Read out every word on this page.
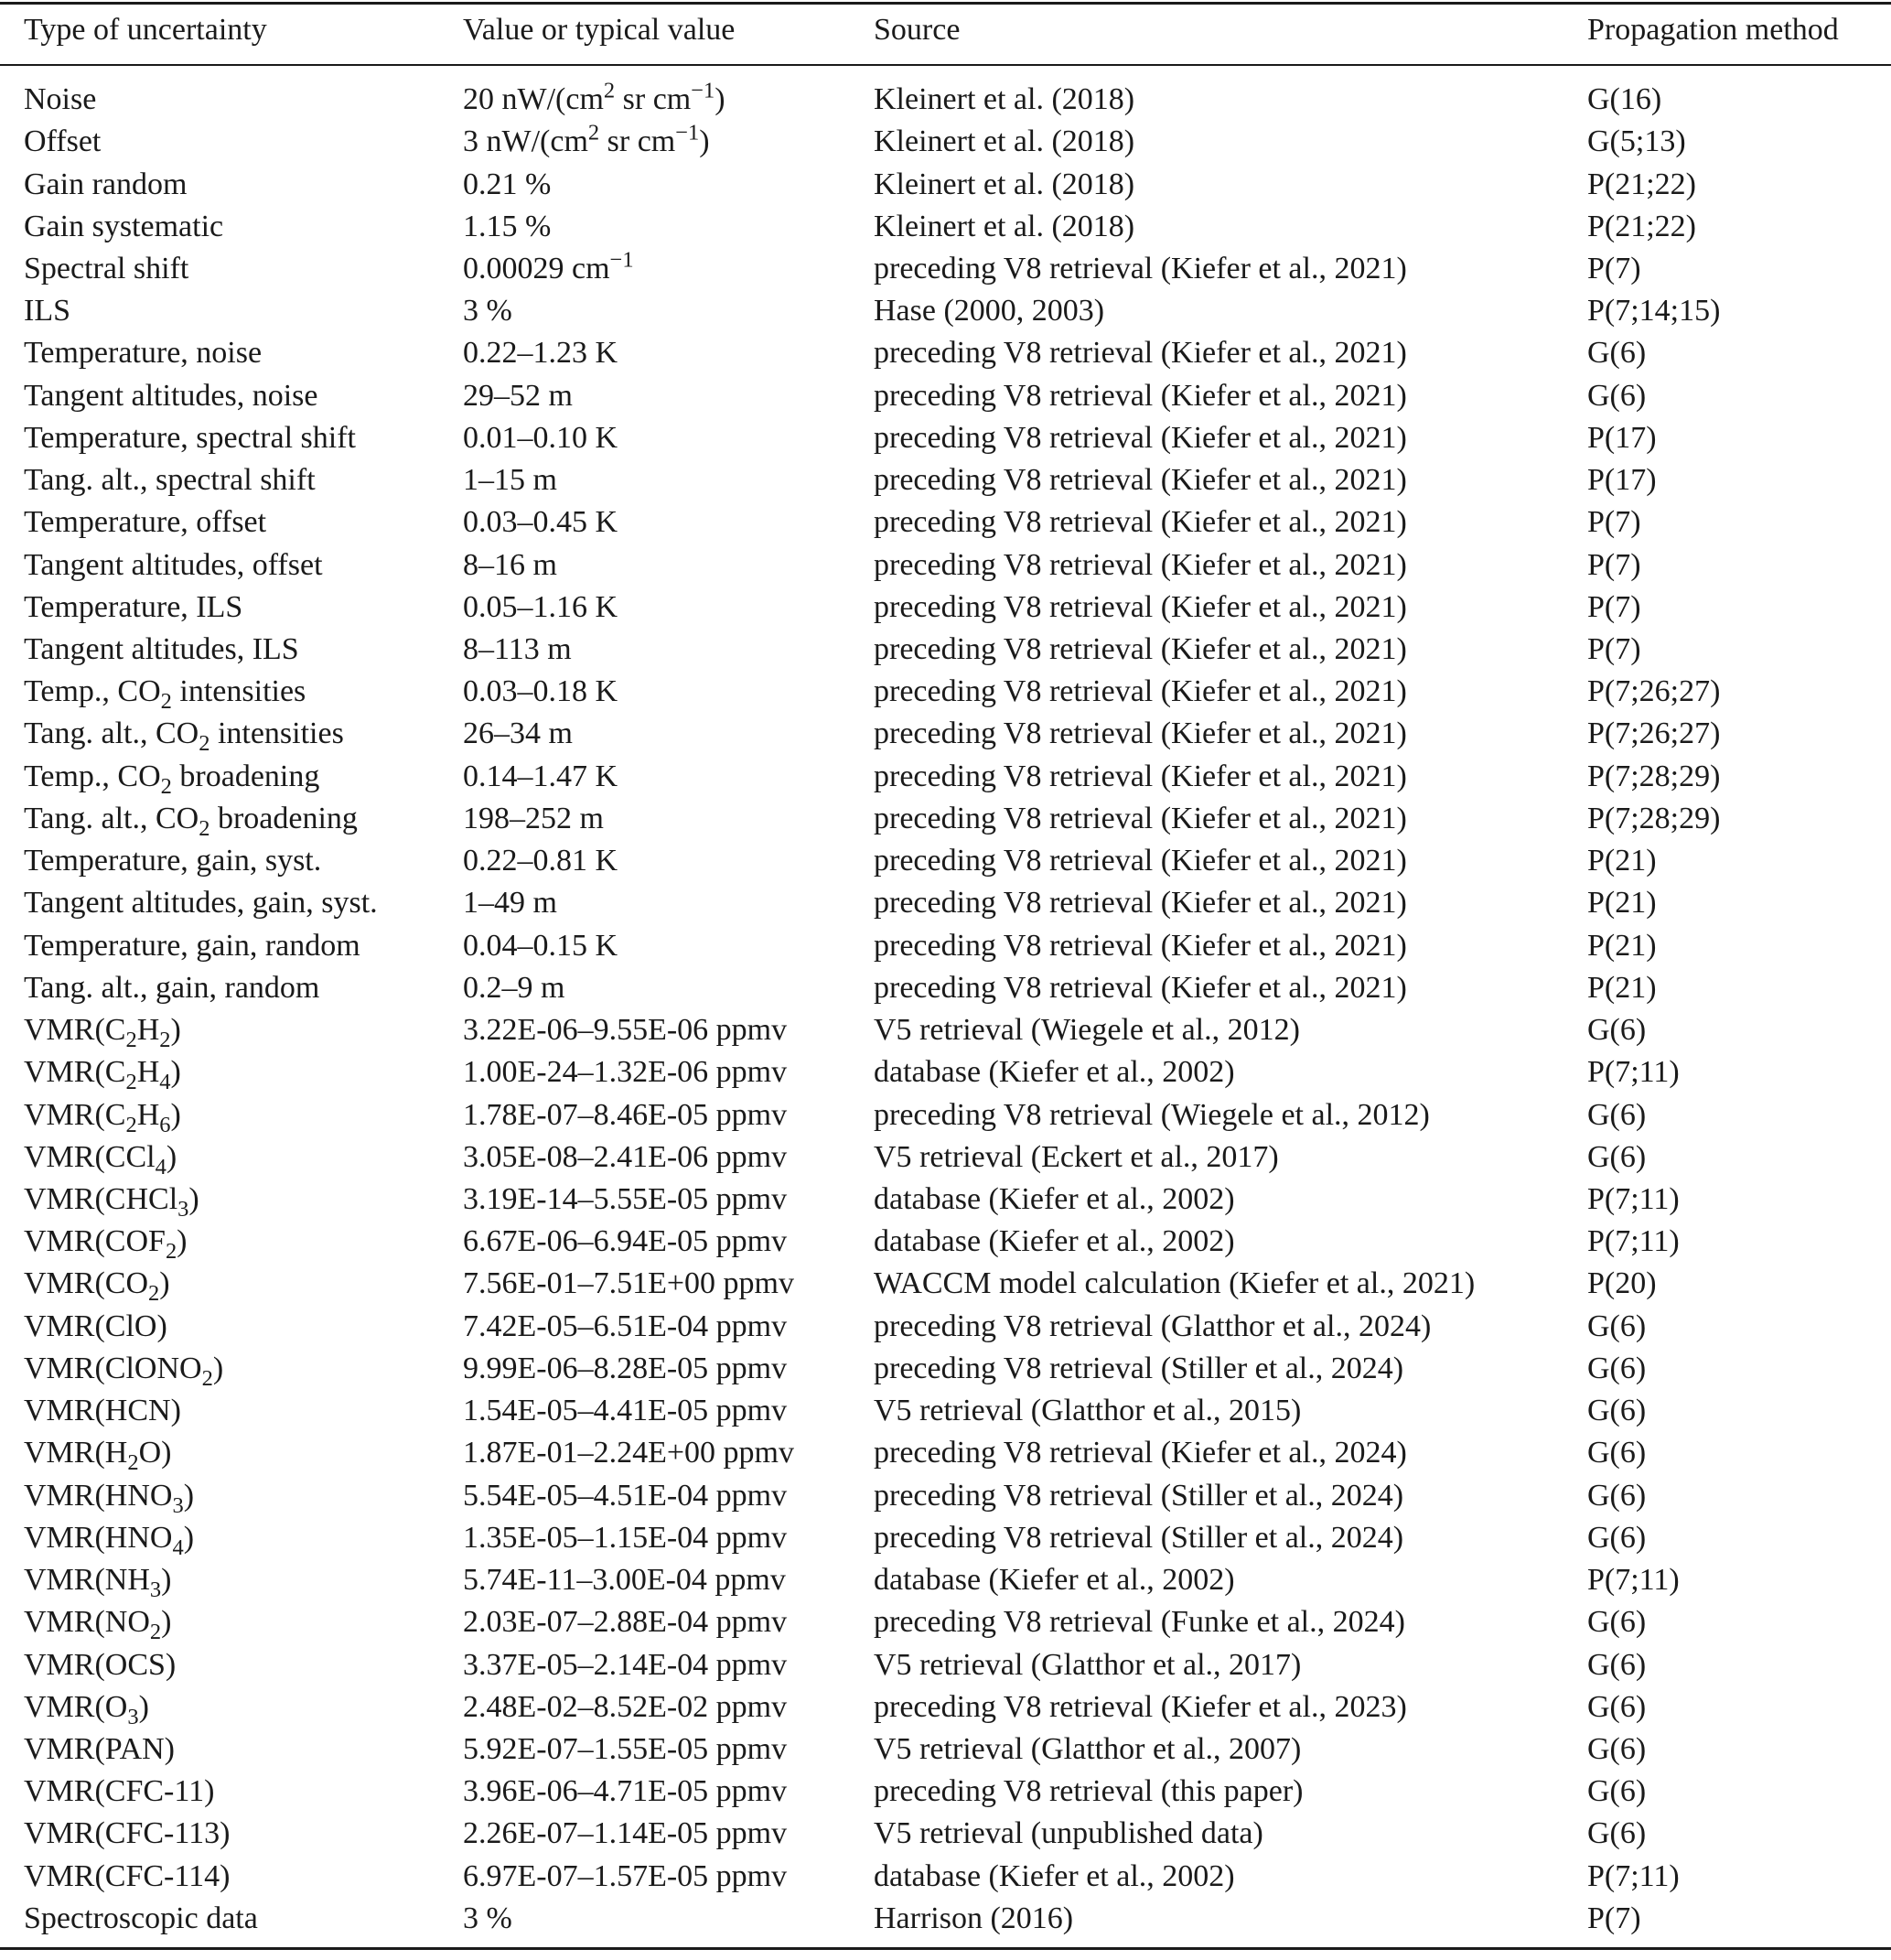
Type of uncertainty	Value or typical value	Source	Propagation method
Noise	20 $nW/(cm^2$ sr $cm^{-1}$)	Kleinert et al. (2018)	G(16)
Offset	3 $nW/(cm^2$ sr $cm^{-1}$)	Kleinert et al. (2018)	G(5;13)
Gain random	0.21 %	Kleinert et al. (2018)	P(21;22)
Gain systematic	1.15 %	Kleinert et al. (2018)	P(21;22)
Spectral shift	0.00029 $cm^{-1}$	preceding V8 retrieval (Kiefer et al., 2021)	P(7)
ILS	3 %	Hase (2000, 2003)	P(7;14;15)
Temperature, noise	0.22–1.23 K	preceding V8 retrieval (Kiefer et al., 2021)	G(6)
Tangent altitudes, noise	29–52 m	preceding V8 retrieval (Kiefer et al., 2021)	G(6)
Temperature, spectral shift	0.01–0.10 K	preceding V8 retrieval (Kiefer et al., 2021)	P(17)
Tang. alt., spectral shift	1–15 m	preceding V8 retrieval (Kiefer et al., 2021)	P(17)
Temperature, offset	0.03–0.45 K	preceding V8 retrieval (Kiefer et al., 2021)	P(7)
Tangent altitudes, offset	8–16 m	preceding V8 retrieval (Kiefer et al., 2021)	P(7)
Temperature, ILS	0.05–1.16 K	preceding V8 retrieval (Kiefer et al., 2021)	P(7)
Tangent altitudes, ILS	8–113 m	preceding V8 retrieval (Kiefer et al., 2021)	P(7)
Temp., $CO_2$ intensities	0.03–0.18 K	preceding V8 retrieval (Kiefer et al., 2021)	P(7;26;27)
Tang. alt., $CO_2$ intensities	26–34 m	preceding V8 retrieval (Kiefer et al., 2021)	P(7;26;27)
Temp., $CO_2$ broadening	0.14–1.47 K	preceding V8 retrieval (Kiefer et al., 2021)	P(7;28;29)
Tang. alt., $CO_2$ broadening	198–252 m	preceding V8 retrieval (Kiefer et al., 2021)	P(7;28;29)
Temperature, gain, syst.	0.22–0.81 K	preceding V8 retrieval (Kiefer et al., 2021)	P(21)
Tangent altitudes, gain, syst.	1–49 m	preceding V8 retrieval (Kiefer et al., 2021)	P(21)
Temperature, gain, random	0.04–0.15 K	preceding V8 retrieval (Kiefer et al., 2021)	P(21)
Tang. alt., gain, random	0.2–9 m	preceding V8 retrieval (Kiefer et al., 2021)	P(21)
$VMR(C_2H_2)$	3.22E-06–9.55E-06 ppmv	V5 retrieval (Wiegele et al., 2012)	G(6)
$VMR(C_2H_4)$	1.00E-24–1.32E-06 ppmv	database (Kiefer et al., 2002)	P(7;11)
$VMR(C_2H_6)$	1.78E-07–8.46E-05 ppmv	preceding V8 retrieval (Wiegele et al., 2012)	G(6)
VMR(CCl$_4$)	3.05E-08–2.41E-06 ppmv	V5 retrieval (Eckert et al., 2017)	G(6)
VMR(CHCl$_3$)	3.19E-14–5.55E-05 ppmv	database (Kiefer et al., 2002)	P(7;11)
$VMR(COF_2)$	6.67E-06–6.94E-05 ppmv	database (Kiefer et al., 2002)	P(7;11)
$VMR(CO_2)$	7.56E-01–7.51E+00 ppmv	WACCM model calculation (Kiefer et al., 2021)	P(20)
VMR(ClO)	7.42E-05–6.51E-04 ppmv	preceding V8 retrieval (Glatthor et al., 2024)	G(6)
VMR(ClONO$_2$)	9.99E-06–8.28E-05 ppmv	preceding V8 retrieval (Stiller et al., 2024)	G(6)
VMR(HCN)	1.54E-05–4.41E-05 ppmv	V5 retrieval (Glatthor et al., 2015)	G(6)
$VMR(H_2O)$	1.87E-01–2.24E+00 ppmv	preceding V8 retrieval (Kiefer et al., 2024)	G(6)
$VMR(HNO_3)$	5.54E-05–4.51E-04 ppmv	preceding V8 retrieval (Stiller et al., 2024)	G(6)
$VMR(HNO_4)$	1.35E-05–1.15E-04 ppmv	preceding V8 retrieval (Stiller et al., 2024)	G(6)
$VMR(NH_3)$	5.74E-11–3.00E-04 ppmv	database (Kiefer et al., 2002)	P(7;11)
$VMR(NO_2)$	2.03E-07–2.88E-04 ppmv	preceding V8 retrieval (Funke et al., 2024)	G(6)
VMR(OCS)	3.37E-05–2.14E-04 ppmv	V5 retrieval (Glatthor et al., 2017)	G(6)
$VMR(O_3)$	2.48E-02–8.52E-02 ppmv	preceding V8 retrieval (Kiefer et al., 2023)	G(6)
VMR(PAN)	5.92E-07–1.55E-05 ppmv	V5 retrieval (Glatthor et al., 2007)	G(6)
VMR(CFC-11)	3.96E-06–4.71E-05 ppmv	preceding V8 retrieval (this paper)	G(6)
VMR(CFC-113)	2.26E-07–1.14E-05 ppmv	V5 retrieval (unpublished data)	G(6)
VMR(CFC-114)	6.97E-07–1.57E-05 ppmv	database (Kiefer et al., 2002)	P(7;11)
Spectroscopic data	3 %	Harrison (2016)	P(7)
